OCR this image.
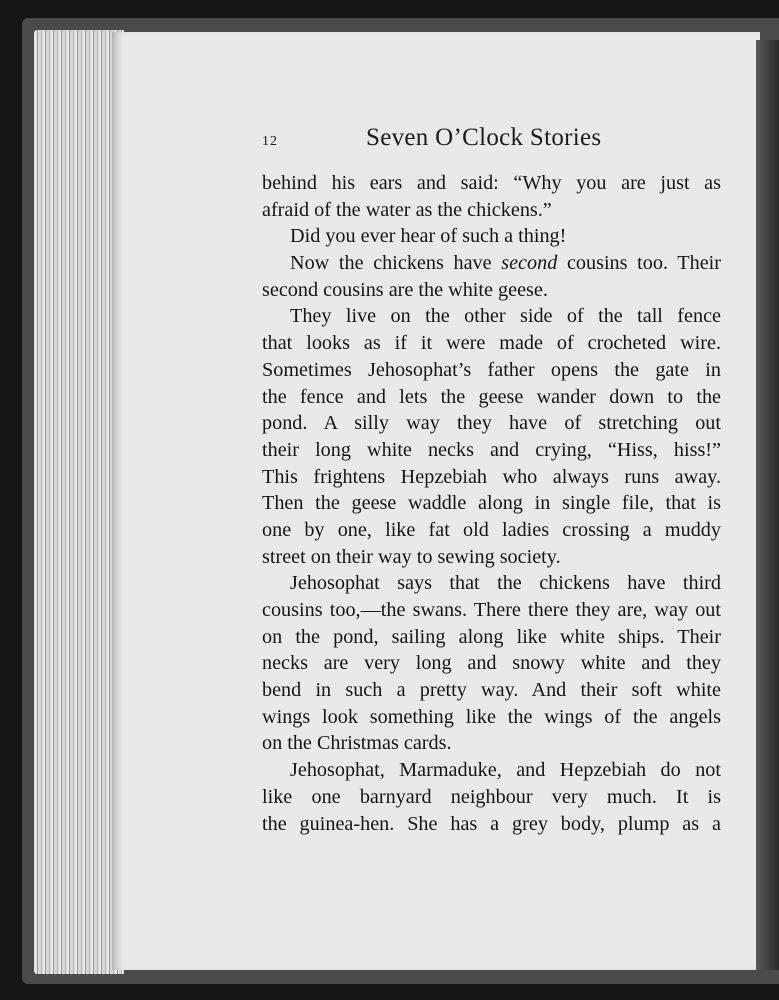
12	Seven O’Clock Stories
behind his ears and said: “Why you are just as
afraid of the water as the chickens.”
Did you ever hear of such a thing!
Now the chickens have second cousins too. Their
second cousins are the white geese.
They live on the other side of the tall fence
that looks as if it were made of crocheted wire.
Sometimes Jehosophat’s father opens the gate in
the fence and lets the geese wander down to the
pond. A silly way they have of stretching out
their long white necks and crying, “Hiss, hiss!”
This frightens Hepzebiah who always runs away.
Then the geese waddle along in single file, that is
one by one, like fat old ladies crossing a muddy
street on their way to sewing society.
Jehosophat says that the chickens have third
cousins too,—the swans. There there they are, way out
on the pond, sailing along like white ships. Their
necks are very long and snowy white and they
bend in such a pretty way. And their soft white
wings look something like the wings of the angels
on the Christmas cards.
Jehosophat, Marmaduke, and Hepzebiah do not
like one barnyard neighbour very much. It is
the guinea-hen. She has a grey body, plump as a
